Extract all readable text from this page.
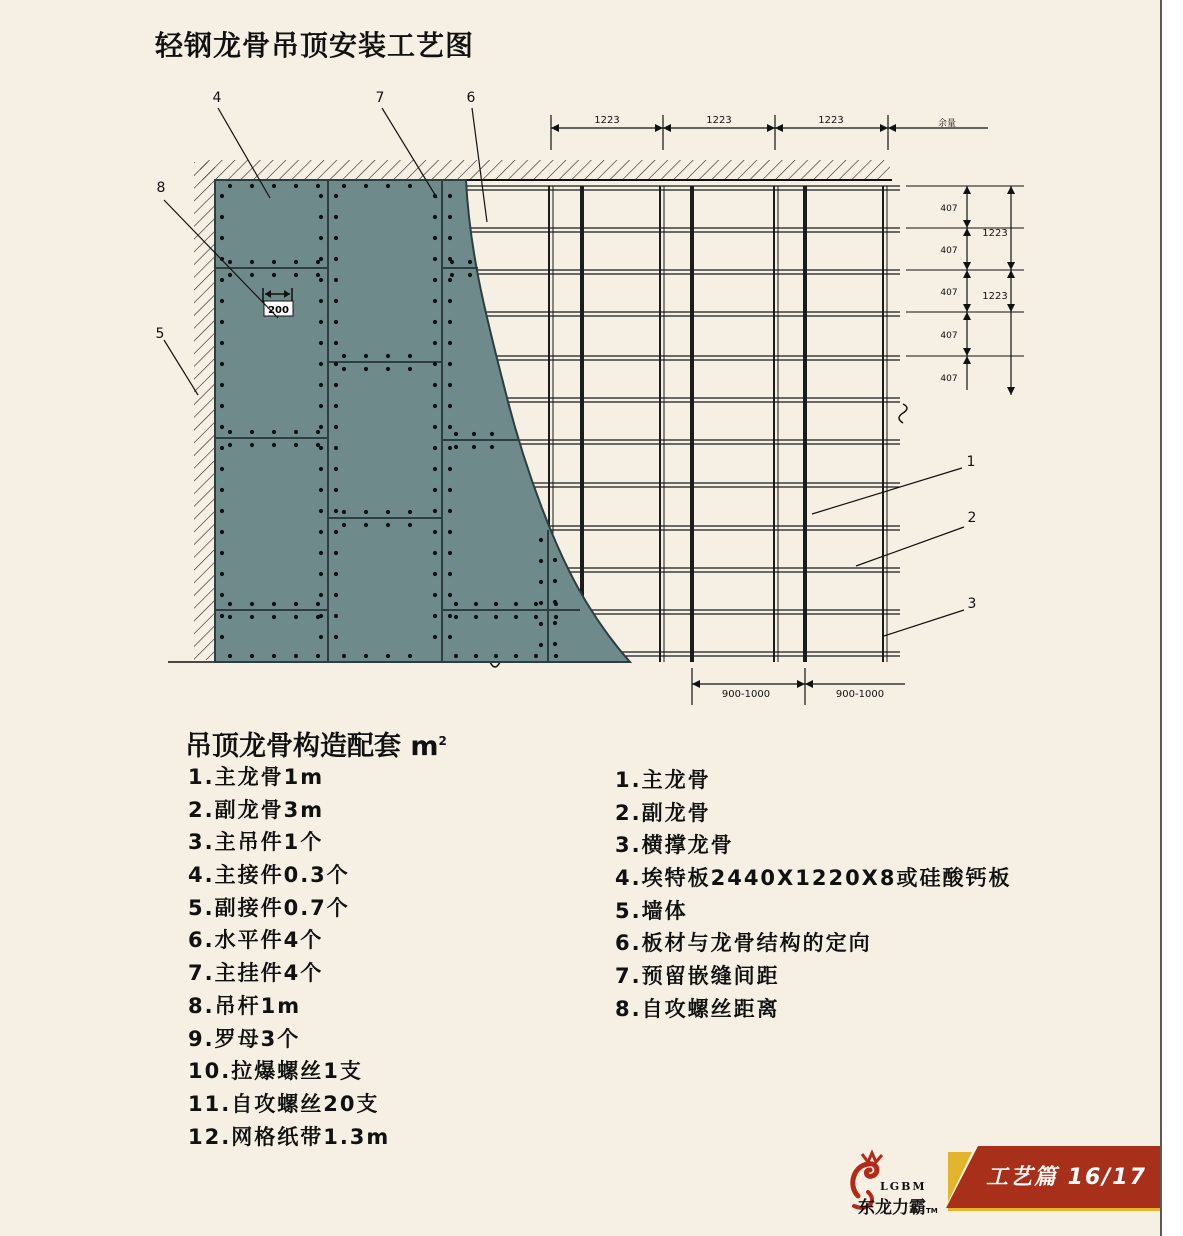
轻钢龙骨吊顶安装工艺图
200
4	7	6
8
5
1
2
3
1223	1223	1223	余量
407
407
407
407
407
1223
1223
900-1000	900-1000
吊顶龙骨构造配套 $m^2$
1.主龙骨1m
2.副龙骨3m
3.主吊件1个
4.主接件0.3个
5.副接件0.7个
6.水平件4个
7.主挂件4个
8.吊杆1m
9.罗母3个
10.拉爆螺丝1支
11.自攻螺丝20支
12.网格纸带1.3m
1.主龙骨
2.副龙骨
3.横撑龙骨
4.埃特板2440X1220X8或硅酸钙板
5.墙体
6.板材与龙骨结构的定向
7.预留嵌缝间距
8.自攻螺丝距离
LGBM
东龙力霸TM
工艺篇 16/17
